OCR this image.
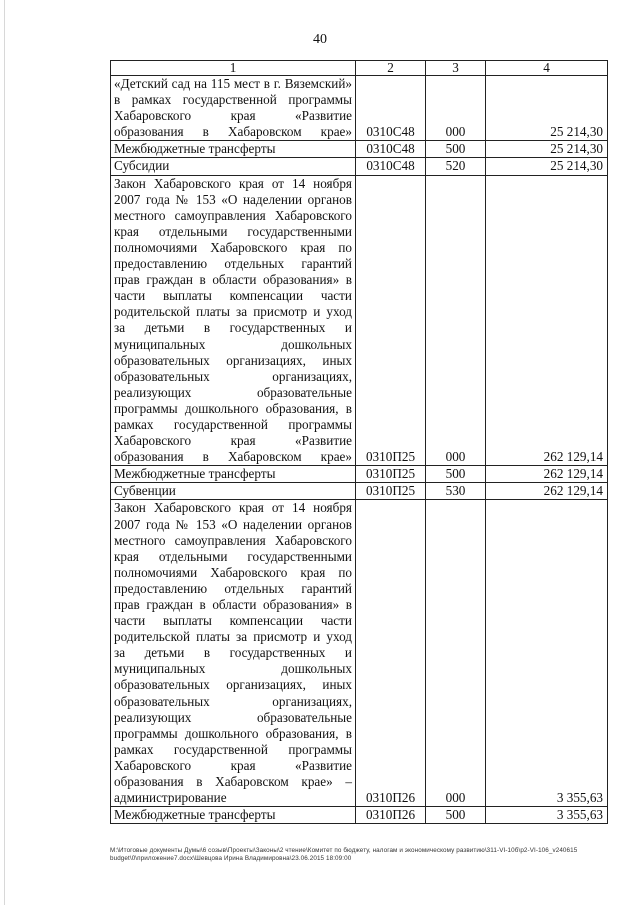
40
1	2	3	4
«Детский сад на 115 мест в г. Вяземский» в рамках государственной программы Хабаровского края «Развитие образования в Хабаровском крае»	0310С48	000	25 214,30
Межбюджетные трансферты	0310С48	500	25 214,30
Субсидии	0310С48	520	25 214,30
Закон Хабаровского края от 14 ноября 2007 года № 153 «О наделении органов местного самоуправления Хабаровского края отдельными государственными полномочиями Хабаровского края по предоставлению отдельных гарантий прав граждан в области образования» в части выплаты компенсации части родительской платы за присмотр и уход за детьми в государственных и муниципальных дошкольных образовательных организациях, иных образовательных организациях, реализующих образовательные программы дошкольного образования, в рамках государственной программы Хабаровского края «Развитие образования в Хабаровском крае»	0310П25	000	262 129,14
Межбюджетные трансферты	0310П25	500	262 129,14
Субвенции	0310П25	530	262 129,14
Закон Хабаровского края от 14 ноября 2007 года № 153 «О наделении органов местного самоуправления Хабаровского края отдельными государственными полномочиями Хабаровского края по предоставлению отдельных гарантий прав граждан в области образования» в части выплаты компенсации части родительской платы за присмотр и уход за детьми в государственных и муниципальных дошкольных образовательных организациях, иных образовательных организациях, реализующих образовательные программы дошкольного образования, в рамках государственной программы Хабаровского края «Развитие образования в Хабаровском крае» – администрирование	0310П26	000	3 355,63
Межбюджетные трансферты	0310П26	500	3 355,63
М:\Итоговые документы Думы\6 созыв\Проекты\Законы\2 чтение\Комитет по бюджету, налогам и экономическому развитию\311-VI-10б\р2-VI-106_v240615 budget\0\приложение7.docx\Шевцова Ирина Владимировна\23.06.2015 18:09:00
